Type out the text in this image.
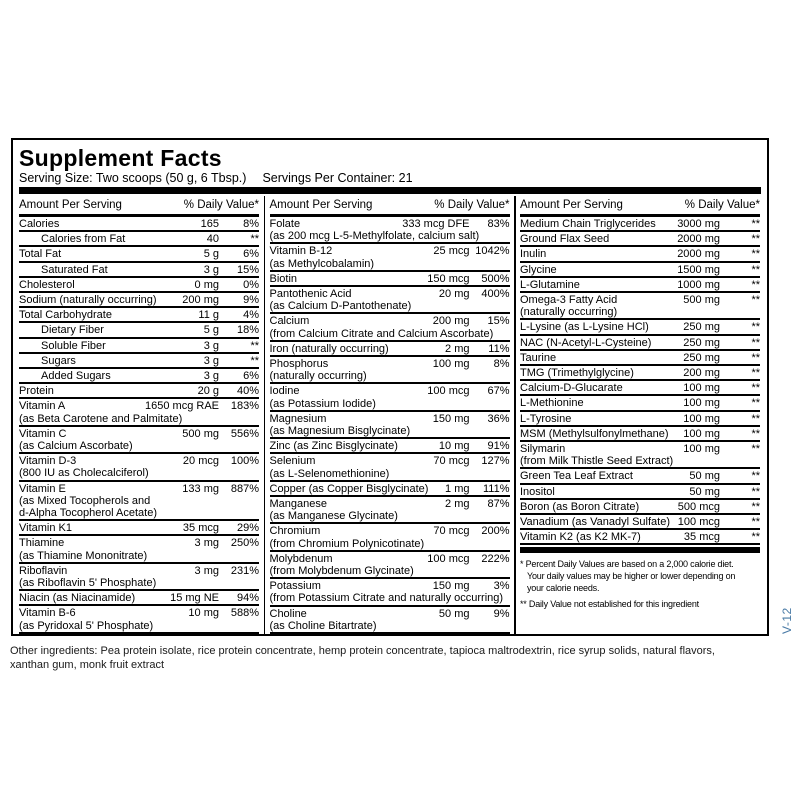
Supplement Facts
Serving Size: Two scoops (50 g, 6 Tbsp.) Servings Per Container: 21
Amount Per Serving	% Daily Value*
Calories	165	8%
Calories from Fat	40	**
Total Fat	5 g	6%
Saturated Fat	3 g	15%
Cholesterol	0 mg	0%
Sodium (naturally occurring) 200 mg	9%
Total Carbohydrate	11 g	4%
Dietary Fiber	5 g	18%
Soluble Fiber	3 g	**
Sugars	3 g	**
Added Sugars	3 g	6%
Protein	20 g	40%
Vitamin A	1650 mcg RAE	183%
(as Beta Carotene and Palmitate)
Vitamin C	500 mg	556%
(as Calcium Ascorbate)
Vitamin D-3	20 mcg	100%
(800 IU as Cholecalciferol)
Vitamin E	133 mg	887%
(as Mixed Tocopherols and
d-Alpha Tocopherol Acetate)
Vitamin K1	35 mcg	29%
Thiamine	3 mg	250%
(as Thiamine Mononitrate)
Riboflavin	3 mg	231%
(as Riboflavin 5' Phosphate)
Niacin (as Niacinamide)	15 mg NE	94%
Vitamin B-6	10 mg	588%
(as Pyridoxal 5' Phosphate)
Amount Per Serving	% Daily Value*
Folate	333 mcg DFE	83%
(as 200 mcg L-5-Methylfolate, calcium salt)
Vitamin B-12	25 mcg 1042%
(as Methylcobalamin)
Biotin	150 mcg	500%
Pantothenic Acid	20 mg	400%
(as Calcium D-Pantothenate)
Calcium	200 mg	15%
(from Calcium Citrate and Calcium Ascorbate)
Iron (naturally occurring)	2 mg	11%
Phosphorus	100 mg	8%
(naturally occurring)
Iodine	100 mcg	67%
(as Potassium Iodide)
Magnesium	150 mg	36%
(as Magnesium Bisglycinate)
Zinc (as Zinc Bisglycinate)	10 mg	91%
Selenium	70 mcg	127%
(as L-Selenomethionine)
Copper (as Copper Bisglycinate) 1 mg	111%
Manganese	2 mg	87%
(as Manganese Glycinate)
Chromium	70 mcg	200%
(from Chromium Polynicotinate)
Molybdenum	100 mcg	222%
(from Molybdenum Glycinate)
Potassium	150 mg	3%
(from Potassium Citrate and naturally occurring)
Choline	50 mg	9%
(as Choline Bitartrate)
Amount Per Serving	% Daily Value*
Medium Chain Triglycerides 3000 mg	**
Ground Flax Seed	2000 mg	**
Inulin	2000 mg	**
Glycine	1500 mg	**
L-Glutamine	1000 mg	**
Omega-3 Fatty Acid	500 mg	**
(naturally occurring)
L-Lysine (as L-Lysine HCl)	250 mg	**
NAC (N-Acetyl-L-Cysteine)	250 mg	**
Taurine	250 mg	**
TMG (Trimethylglycine)	200 mg	**
Calcium-D-Glucarate	100 mg	**
L-Methionine	100 mg	**
L-Tyrosine	100 mg	**
MSM (Methylsulfonylmethane) 100 mg	**
Silymarin	100 mg	**
(from Milk Thistle Seed Extract)
Green Tea Leaf Extract	50 mg	**
Inositol	50 mg	**
Boron (as Boron Citrate)	500 mcg	**
Vanadium (as Vanadyl Sulfate) 100 mcg	**
Vitamin K2 (as K2 MK-7)	35 mcg	**
* Percent Daily Values are based on a 2,000 calorie diet.
Your daily values may be higher or lower depending on
your calorie needs.
** Daily Value not established for this ingredient
V-12
Other ingredients: Pea protein isolate, rice protein concentrate, hemp protein concentrate, tapioca maltrodextrin, rice syrup solids, natural flavors,
xanthan gum, monk fruit extract
